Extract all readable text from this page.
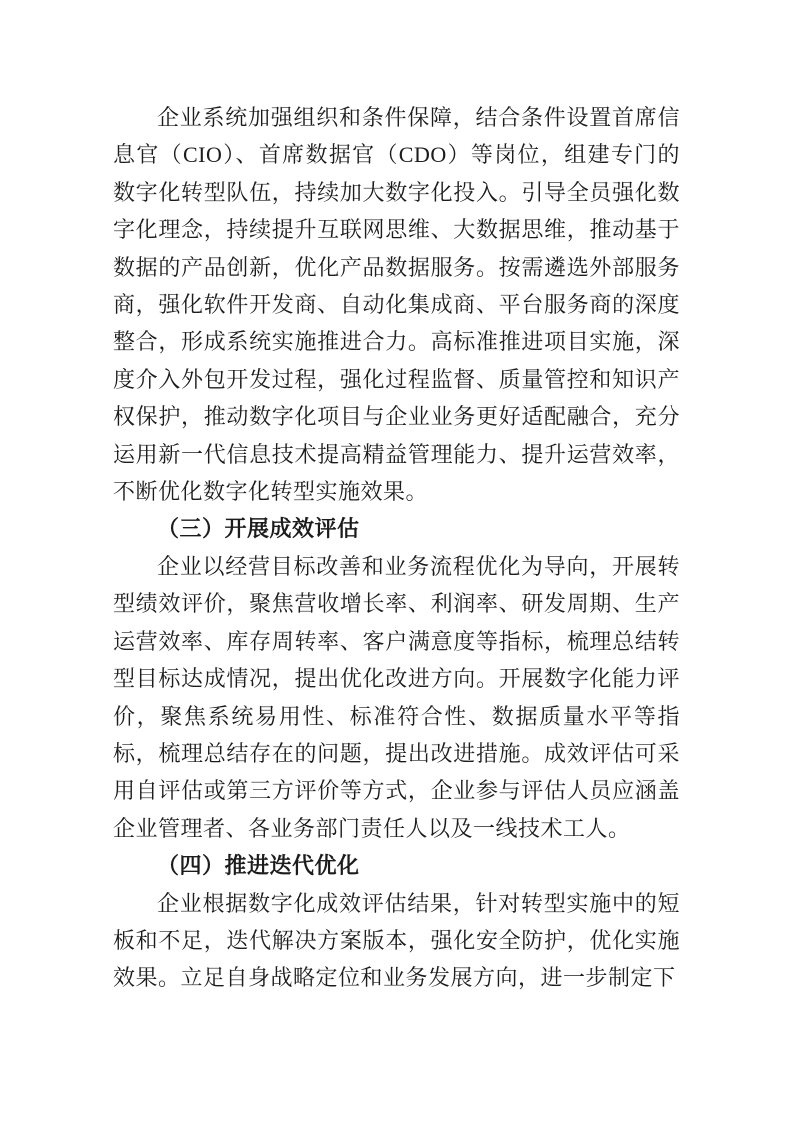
企业系统加强组织和条件保障，结合条件设置首席信息官（CIO）、首席数据官（CDO）等岗位，组建专门的数字化转型队伍，持续加大数字化投入。引导全员强化数字化理念，持续提升互联网思维、大数据思维，推动基于数据的产品创新，优化产品数据服务。按需遴选外部服务商，强化软件开发商、自动化集成商、平台服务商的深度整合，形成系统实施推进合力。高标准推进项目实施，深度介入外包开发过程，强化过程监督、质量管控和知识产权保护，推动数字化项目与企业业务更好适配融合，充分运用新一代信息技术提高精益管理能力、提升运营效率，不断优化数字化转型实施效果。

（三）开展成效评估

企业以经营目标改善和业务流程优化为导向，开展转型绩效评价，聚焦营收增长率、利润率、研发周期、生产运营效率、库存周转率、客户满意度等指标，梳理总结转型目标达成情况，提出优化改进方向。开展数字化能力评价，聚焦系统易用性、标准符合性、数据质量水平等指标，梳理总结存在的问题，提出改进措施。成效评估可采用自评估或第三方评价等方式，企业参与评估人员应涵盖企业管理者、各业务部门责任人以及一线技术工人。

（四）推进迭代优化

企业根据数字化成效评估结果，针对转型实施中的短板和不足，迭代解决方案版本，强化安全防护，优化实施效果。立足自身战略定位和业务发展方向，进一步制定下
